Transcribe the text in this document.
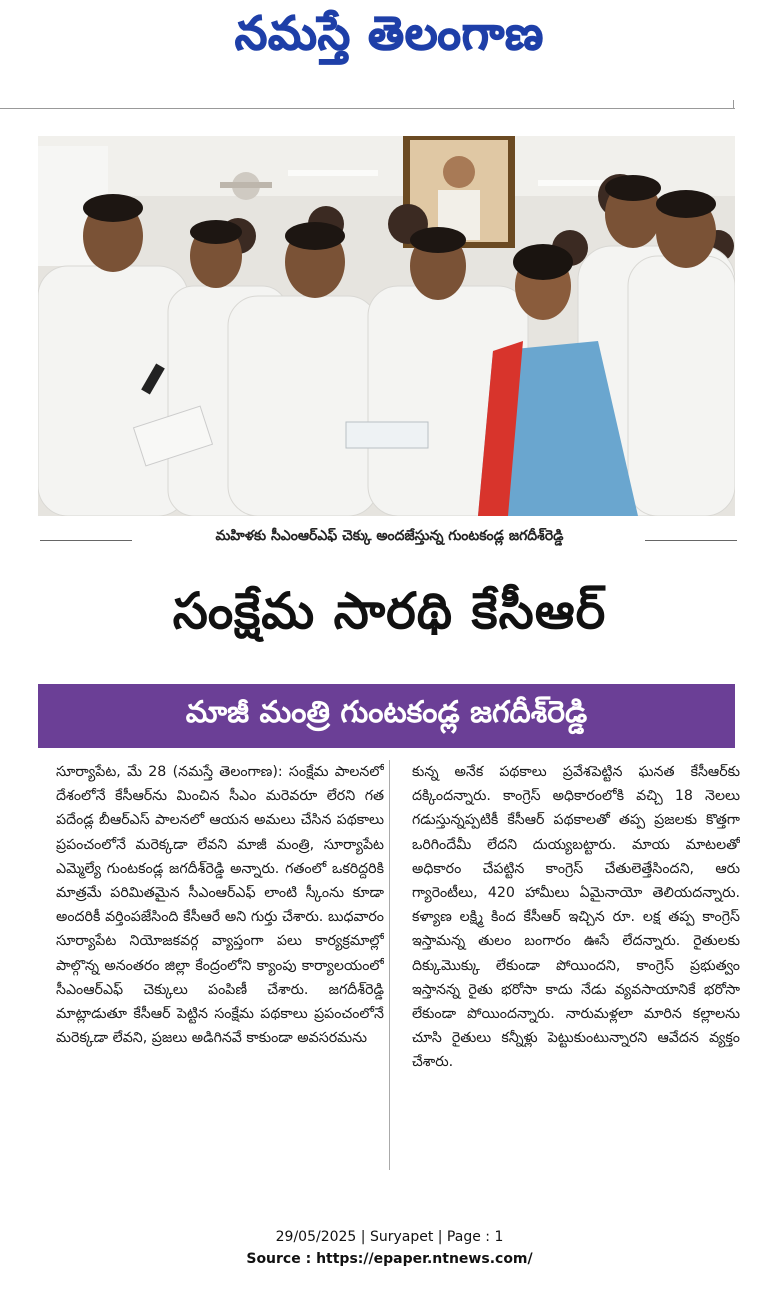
నమస్తే తెలంగాణ
మహిళకు సీఎంఆర్ఎఫ్ చెక్కు అందజేస్తున్న గుంటకండ్ల జగదీశ్‌రెడ్డి
సంక్షేమ సారథి కేసీఆర్
మాజీ మంత్రి గుంటకండ్ల జగదీశ్‌రెడ్డి
సూర్యాపేట, మే 28 (నమస్తే తెలంగాణ): సంక్షేమ పాలనలో దేశంలోనే కేసీఆర్‌ను మించిన సీఎం మరెవరూ లేరని గత పదేండ్ల బీఆర్ఎస్ పాలనలో ఆయన అమలు చేసిన పథకాలు ప్రపంచంలోనే మరెక్కడా లేవని మాజీ మంత్రి, సూర్యాపేట ఎమ్మెల్యే గుంటకండ్ల జగదీశ్‌రెడ్డి అన్నారు. గతంలో ఒకరిద్దరికి మాత్రమే పరిమితమైన సీఎంఆర్ఎఫ్ లాంటి స్కీంను కూడా అందరికీ వర్తింపజేసింది కేసీఆరే అని గుర్తు చేశారు. బుధవారం సూర్యాపేట నియోజకవర్గ వ్యాప్తంగా పలు కార్యక్రమాల్లో పాల్గొన్న అనంతరం జిల్లా కేంద్రంలోని క్యాంపు కార్యాలయంలో సీఎంఆర్ఎఫ్ చెక్కులు పంపిణీ చేశారు. జగదీశ్‌రెడ్డి మాట్లాడుతూ కేసీఆర్ పెట్టిన సంక్షేమ పథకాలు ప్రపంచంలోనే మరెక్కడా లేవని, ప్రజలు అడిగినవే కాకుండా అవసరమను
కున్న అనేక పథకాలు ప్రవేశపెట్టిన ఘనత కేసీఆర్‌కు దక్కిందన్నారు. కాంగ్రెస్ అధికారంలోకి వచ్చి 18 నెలలు గడుస్తున్నప్పటికీ కేసీఆర్ పథకాలతో తప్ప ప్రజలకు కొత్తగా ఒరిగిందేమీ లేదని దుయ్యబట్టారు. మాయ మాటలతో అధికారం చేపట్టిన కాంగ్రెస్ చేతులెత్తేసిందని, ఆరు గ్యారెంటీలు, 420 హామీలు ఏమైనాయో తెలియదన్నారు. కళ్యాణ లక్ష్మి కింద కేసీఆర్ ఇచ్చిన రూ. లక్ష తప్ప కాంగ్రెస్ ఇస్తామన్న తులం బంగారం ఊసే లేదన్నారు. రైతులకు దిక్కుమొక్కు లేకుండా పోయిందని, కాంగ్రెస్ ప్రభుత్వం ఇస్తానన్న రైతు భరోసా కాదు నేడు వ్యవసాయానికే భరోసా లేకుండా పోయిందన్నారు. నారుమళ్లలా మారిన కల్లాలను చూసి రైతులు కన్నీళ్లు పెట్టుకుంటున్నారని ఆవేదన వ్యక్తం చేశారు.
29/05/2025 | Suryapet | Page : 1
Source : https://epaper.ntnews.com/
